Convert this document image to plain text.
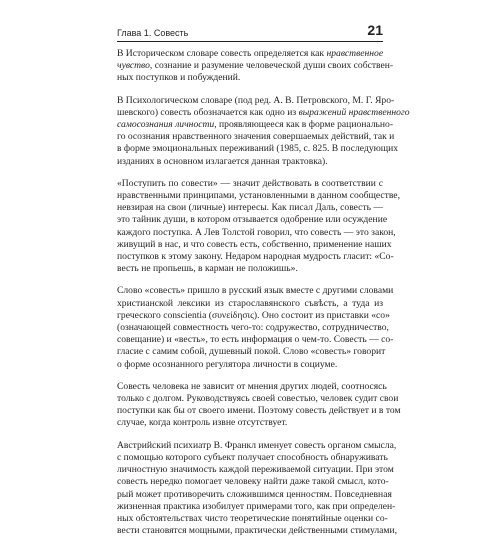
Глава 1. Совесть	21

В Историческом словаре совесть определяется как нравственное
чувство, сознание и разумение человеческой души своих собствен-
ных поступков и побуждений.

В Психологическом словаре (под ред. А. В. Петровского, М. Г. Ярo-
шевского) совесть обозначается как одно из выражений нравственного
самосознания личности, проявляющееся как в форме рационально-
го осознания нравственного значения совершаемых действий, так и
в форме эмоциональных переживаний (1985, с. 825. В последующих
изданиях в основном излагается данная трактовка).

«Поступить по совести» — значит действовать в соответствии с
нравственными принципами, установленными в данном сообществе,
невзирая на свои (личные) интересы. Как писал Даль, совесть —
это тайник души, в котором отзывается одобрение или осуждение
каждого поступка. А Лев Толстой говорил, что совесть — это закон,
живущий в нас, и что совесть есть, собственно, применение наших
поступков к этому закону. Недаром народная мудрость гласит: «Со-
весть не пропьешь, в карман не положишь».

Слово «совесть» пришло в русский язык вместе с другими словами
христианской лексики из старославянского съвѣсть, а туда из
греческого conscientia (συνείδησις). Оно состоит из приставки «со»
(означающей совместность чего-то: содружество, сотрудничество,
совещание) и «весть», то есть информация о чем-то. Совесть — со-
гласие с самим собой, душевный покой. Слово «совесть» говорит
о форме осознанного регулятора личности в социуме.

Совесть человека не зависит от мнения других людей, соотносясь
только с долгом. Руководствуясь своей совестью, человек судит свои
поступки как бы от своего имени. Поэтому совесть действует и в том
случае, когда контроль извне отсутствует.

Австрийский психиатр В. Франкл именует совесть органом смысла,
с помощью которого субъект получает способность обнаруживать
личностную значимость каждой переживаемой ситуации. При этом
совесть нередко помогает человеку найти даже такой смысл, кото-
рый может противоречить сложившимся ценностям. Повседневная
жизненная практика изобилует примерами того, как при определен-
ных обстоятельствах чисто теоретические понятийные оценки со-
вести становятся мощными, практически действенными стимулами,
